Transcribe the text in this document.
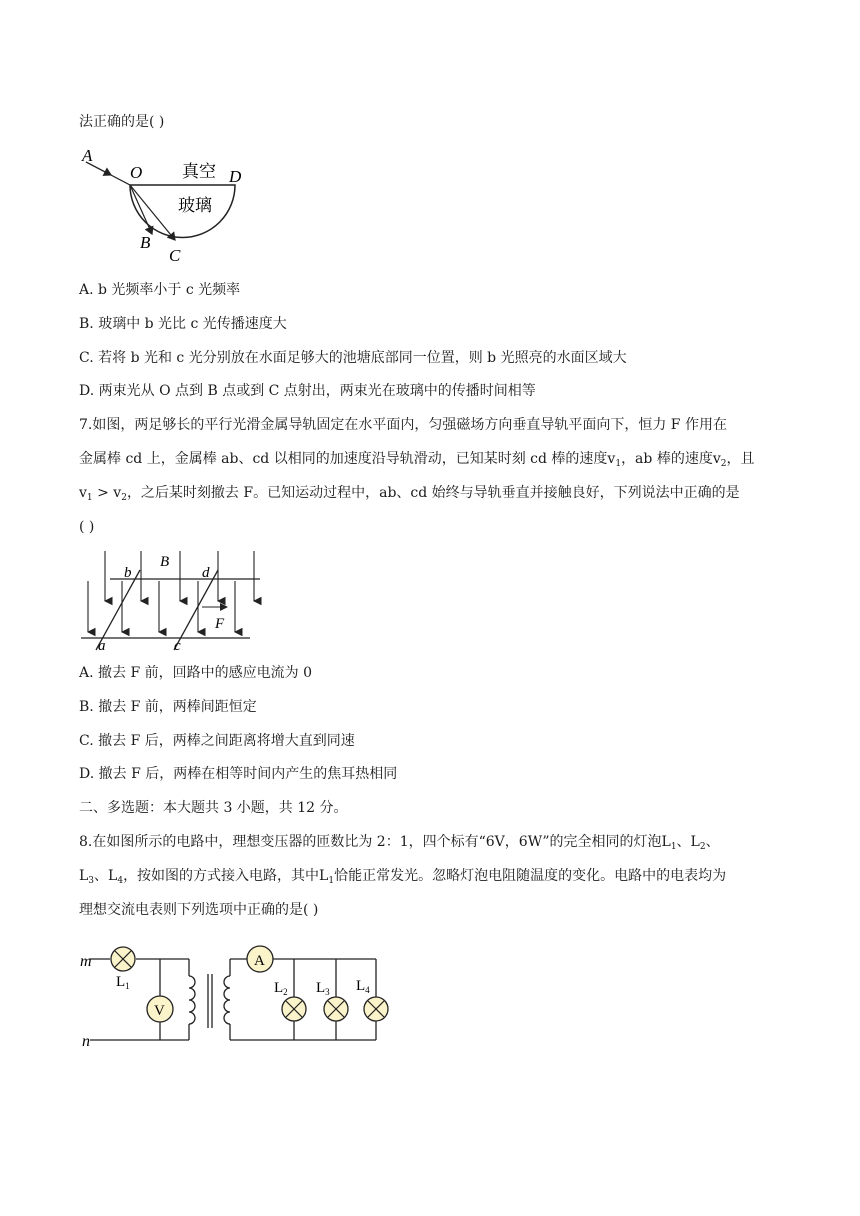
法正确的是( )
A
O	D
真空
玻璃
B
C
A. b 光频率小于 c 光频率
B. 玻璃中 b 光比 c 光传播速度大
C. 若将 b 光和 c 光分别放在水面足够大的池塘底部同一位置，则 b 光照亮的水面区域大
D. 两束光从 O 点到 B 点或到 C 点射出，两束光在玻璃中的传播时间相等
7.如图，两足够长的平行光滑金属导轨固定在水平面内，匀强磁场方向垂直导轨平面向下，恒力 F 作用在
金属棒 cd 上，金属棒 ab、cd 以相同的加速度沿导轨滑动，已知某时刻 cd 棒的速度$v_1$，ab 棒的速度$v_2$，且
$v_1 > v_2$，之后某时刻撤去 F。已知运动过程中，ab、cd 始终与导轨垂直并接触良好，下列说法中正确的是
( )
b
B
d
F
a	c
A. 撤去 F 前，回路中的感应电流为 0
B. 撤去 F 前，两棒间距恒定
C. 撤去 F 后，两棒之间距离将增大直到同速
D. 撤去 F 后，两棒在相等时间内产生的焦耳热相同
二、多选题：本大题共 3 小题，共 12 分。
8.在如图所示的电路中，理想变压器的匝数比为 2：1，四个标有“6V，6W”的完全相同的灯泡$L_1$、$L_2$、
$L_3$、$L_4$，按如图的方式接入电路，其中$L_1$恰能正常发光。忽略灯泡电阻随温度的变化。电路中的电表均为
理想交流电表则下列选项中正确的是( )
V
A
m
n
$L_1$	$L_2$ $L_3$ $L_4$
